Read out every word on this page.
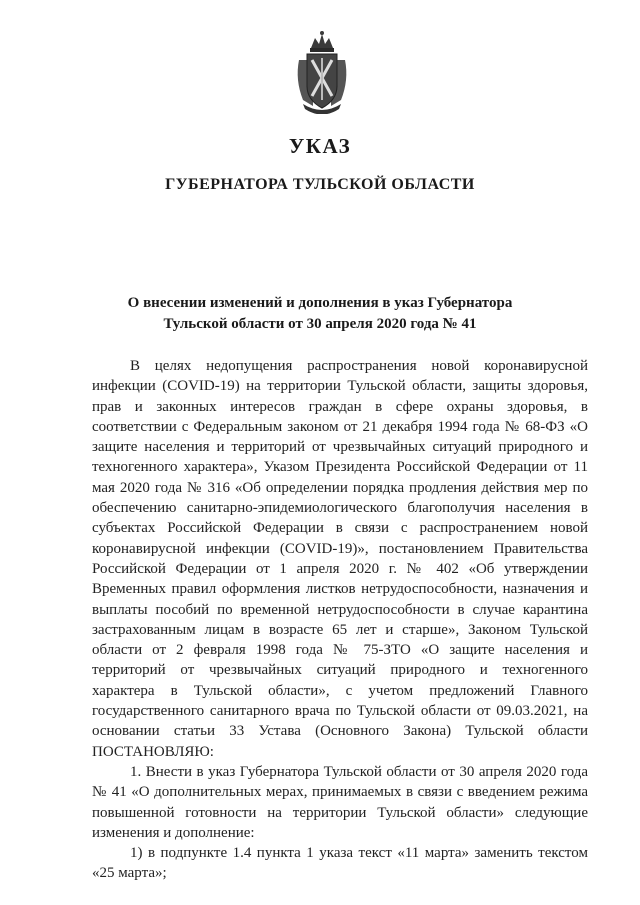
УКАЗ
ГУБЕРНАТОРА ТУЛЬСКОЙ ОБЛАСТИ
О внесении изменений и дополнения в указ Губернатора
Тульской области от 30 апреля 2020 года № 41

В целях недопущения распространения новой коронавирусной инфекции (COVID-19) на территории Тульской области, защиты здоровья, прав и законных интересов граждан в сфере охраны здоровья, в соответствии с Федеральным законом от 21 декабря 1994 года № 68-ФЗ «О защите населения и территорий от чрезвычайных ситуаций природного и техногенного характера», Указом Президента Российской Федерации от 11 мая 2020 года № 316 «Об определении порядка продления действия мер по обеспечению санитарно-эпидемиологического благополучия населения в субъектах Российской Федерации в связи с распространением новой коронавирусной инфекции (COVID-19)», постановлением Правительства Российской Федерации от 1 апреля 2020 г. № 402 «Об утверждении Временных правил оформления листков нетрудоспособности, назначения и выплаты пособий по временной нетрудоспособности в случае карантина застрахованным лицам в возрасте 65 лет и старше», Законом Тульской области от 2 февраля 1998 года № 75-ЗТО «О защите населения и территорий от чрезвычайных ситуаций природного и техногенного характера в Тульской области», с учетом предложений Главного государственного санитарного врача по Тульской области от 09.03.2021, на основании статьи 33 Устава (Основного Закона) Тульской области ПОСТАНОВЛЯЮ:

1. Внести в указ Губернатора Тульской области от 30 апреля 2020 года № 41 «О дополнительных мерах, принимаемых в связи с введением режима повышенной готовности на территории Тульской области» следующие изменения и дополнение:

1) в подпункте 1.4 пункта 1 указа текст «11 марта» заменить текстом «25 марта»;
